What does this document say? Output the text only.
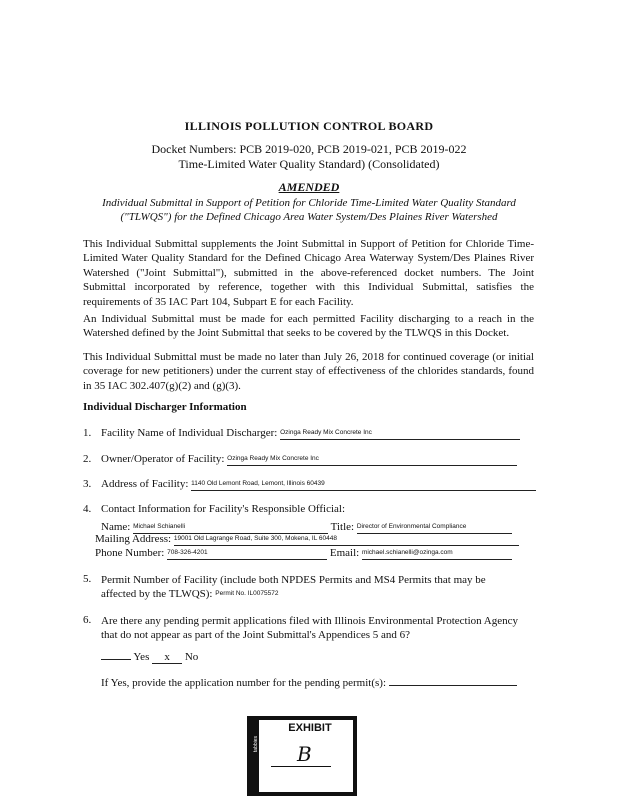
ILLINOIS POLLUTION CONTROL BOARD
Docket Numbers: PCB 2019-020, PCB 2019-021, PCB 2019-022
Time-Limited Water Quality Standard) (Consolidated)
AMENDED
Individual Submittal in Support of Petition for Chloride Time-Limited Water Quality Standard
("TLWQS") for the Defined Chicago Area Water System/Des Plaines River Watershed
This Individual Submittal supplements the Joint Submittal in Support of Petition for Chloride Time-Limited Water Quality Standard for the Defined Chicago Area Waterway System/Des Plaines River Watershed ("Joint Submittal"), submitted in the above-referenced docket numbers. The Joint Submittal incorporated by reference, together with this Individual Submittal, satisfies the requirements of 35 IAC Part 104, Subpart E for each Facility.
An Individual Submittal must be made for each permitted Facility discharging to a reach in the Watershed defined by the Joint Submittal that seeks to be covered by the TLWQS in this Docket.
This Individual Submittal must be made no later than July 26, 2018 for continued coverage (or initial coverage for new petitioners) under the current stay of effectiveness of the chlorides standards, found in 35 IAC 302.407(g)(2) and (g)(3).
Individual Discharger Information
1. Facility Name of Individual Discharger: Ozinga Ready Mix Concrete Inc
2. Owner/Operator of Facility: Ozinga Ready Mix Concrete Inc
3. Address of Facility: 1140 Old Lemont Road, Lemont, Illinois 60439
4. Contact Information for Facility's Responsible Official:
Name: Michael Schianelli	Title: Director of Environmental Compliance
Mailing Address: 19001 Old Lagrange Road, Suite 300, Mokena, IL 60448
Phone Number: 708-326-4201	Email: michael.schianelli@ozinga.com
5. Permit Number of Facility (include both NPDES Permits and MS4 Permits that may be
affected by the TLWQS): Permit No. IL0075572
6. Are there any pending permit applications filed with Illinois Environmental Protection Agency
that do not appear as part of the Joint Submittal's Appendices 5 and 6?
Yes x No
If Yes, provide the application number for the pending permit(s):
tabbies
EXHIBIT
B
